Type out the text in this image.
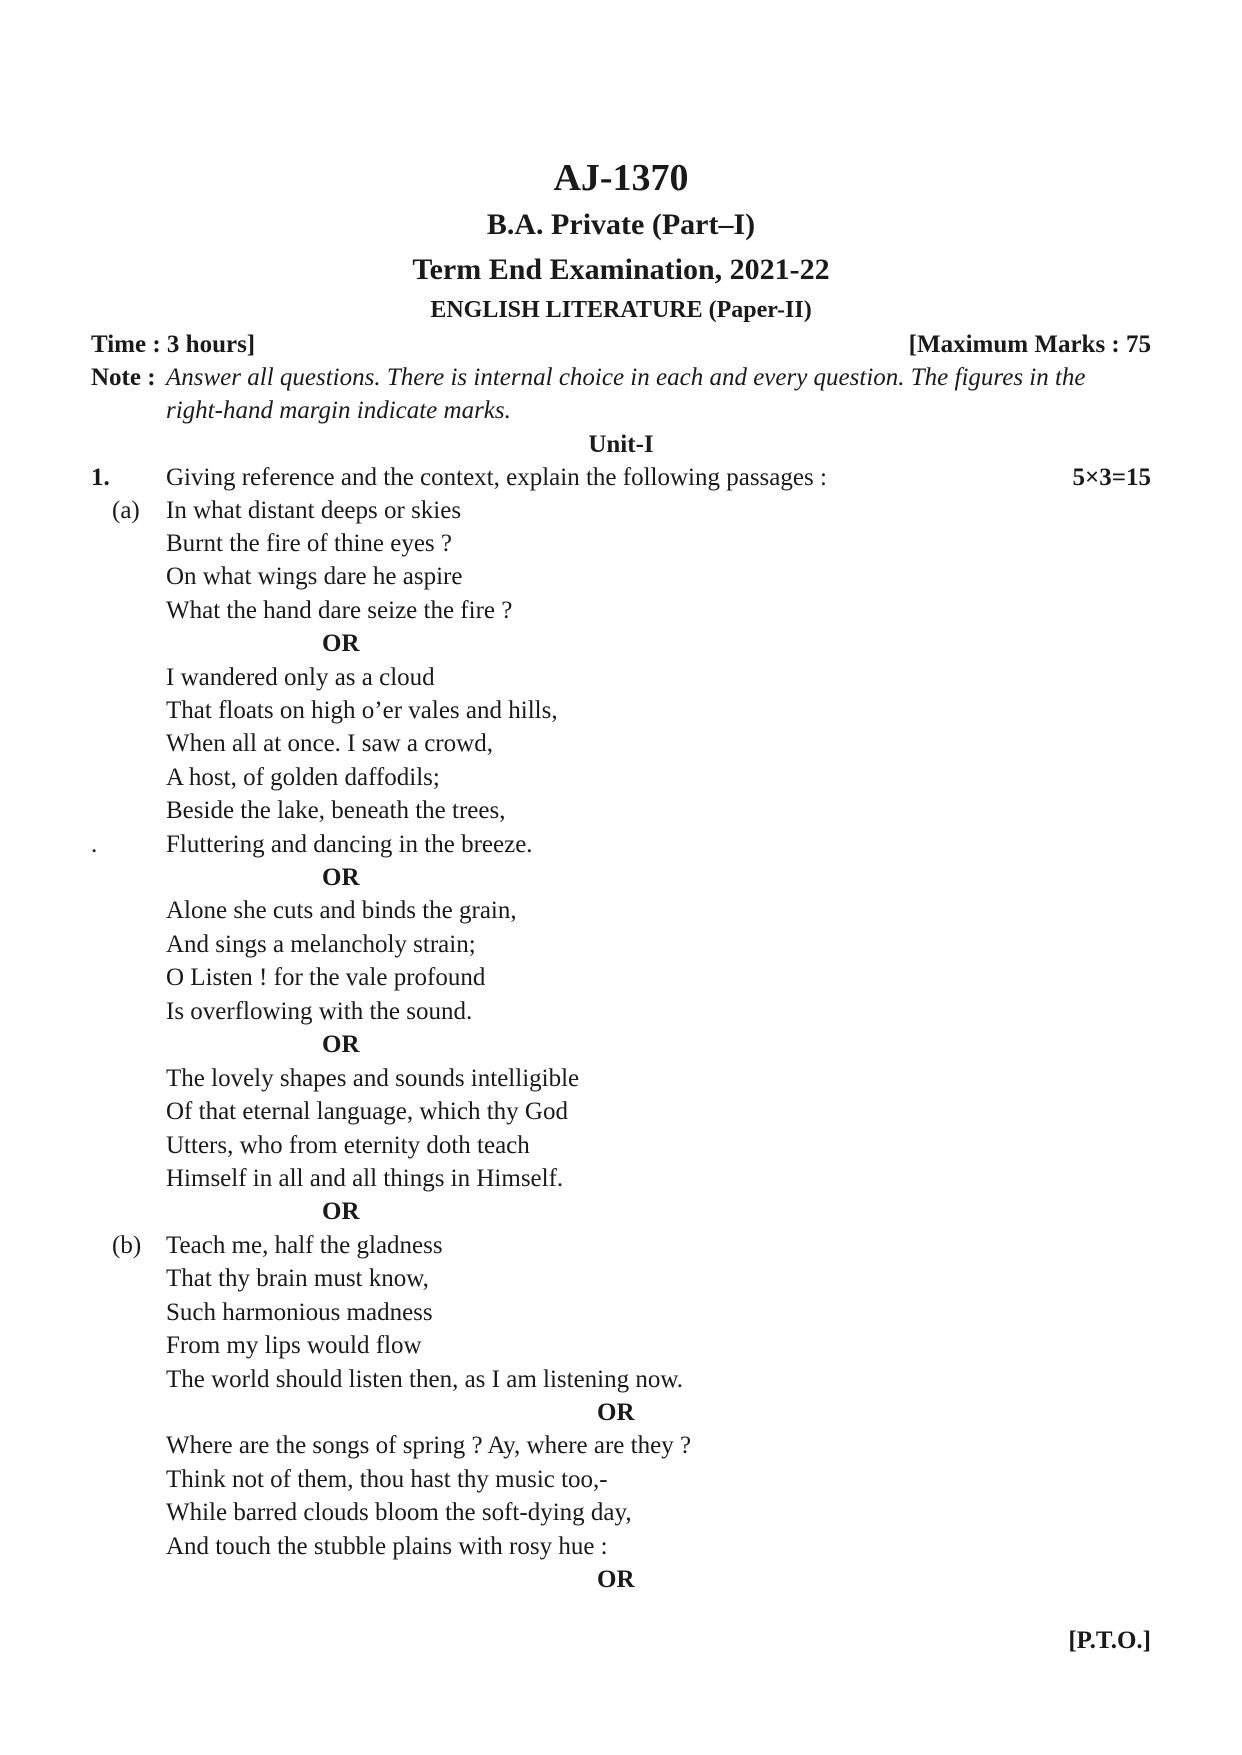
AJ-1370
B.A. Private (Part–I)
Term End Examination, 2021-22
ENGLISH LITERATURE (Paper-II)
Time : 3 hours]	[Maximum Marks : 75
Note : Answer all questions. There is internal choice in each and every question. The figures in the
right-hand margin indicate marks.
Unit-I
1. Giving reference and the context, explain the following passages :	5×3=15
(a) In what distant deeps or skies
Burnt the fire of thine eyes ?
On what wings dare he aspire
What the hand dare seize the fire ?
OR
I wandered only as a cloud
That floats on high o’er vales and hills,
When all at once. I saw a crowd,
A host, of golden daffodils;
Beside the lake, beneath the trees,
.	Fluttering and dancing in the breeze.
OR
Alone she cuts and binds the grain,
And sings a melancholy strain;
O Listen ! for the vale profound
Is overflowing with the sound.
OR
The lovely shapes and sounds intelligible
Of that eternal language, which thy God
Utters, who from eternity doth teach
Himself in all and all things in Himself.
OR
(b) Teach me, half the gladness
That thy brain must know,
Such harmonious madness
From my lips would flow
The world should listen then, as I am listening now.
OR
Where are the songs of spring ? Ay, where are they ?
Think not of them, thou hast thy music too,-
While barred clouds bloom the soft-dying day,
And touch the stubble plains with rosy hue :
OR
[P.T.O.]
